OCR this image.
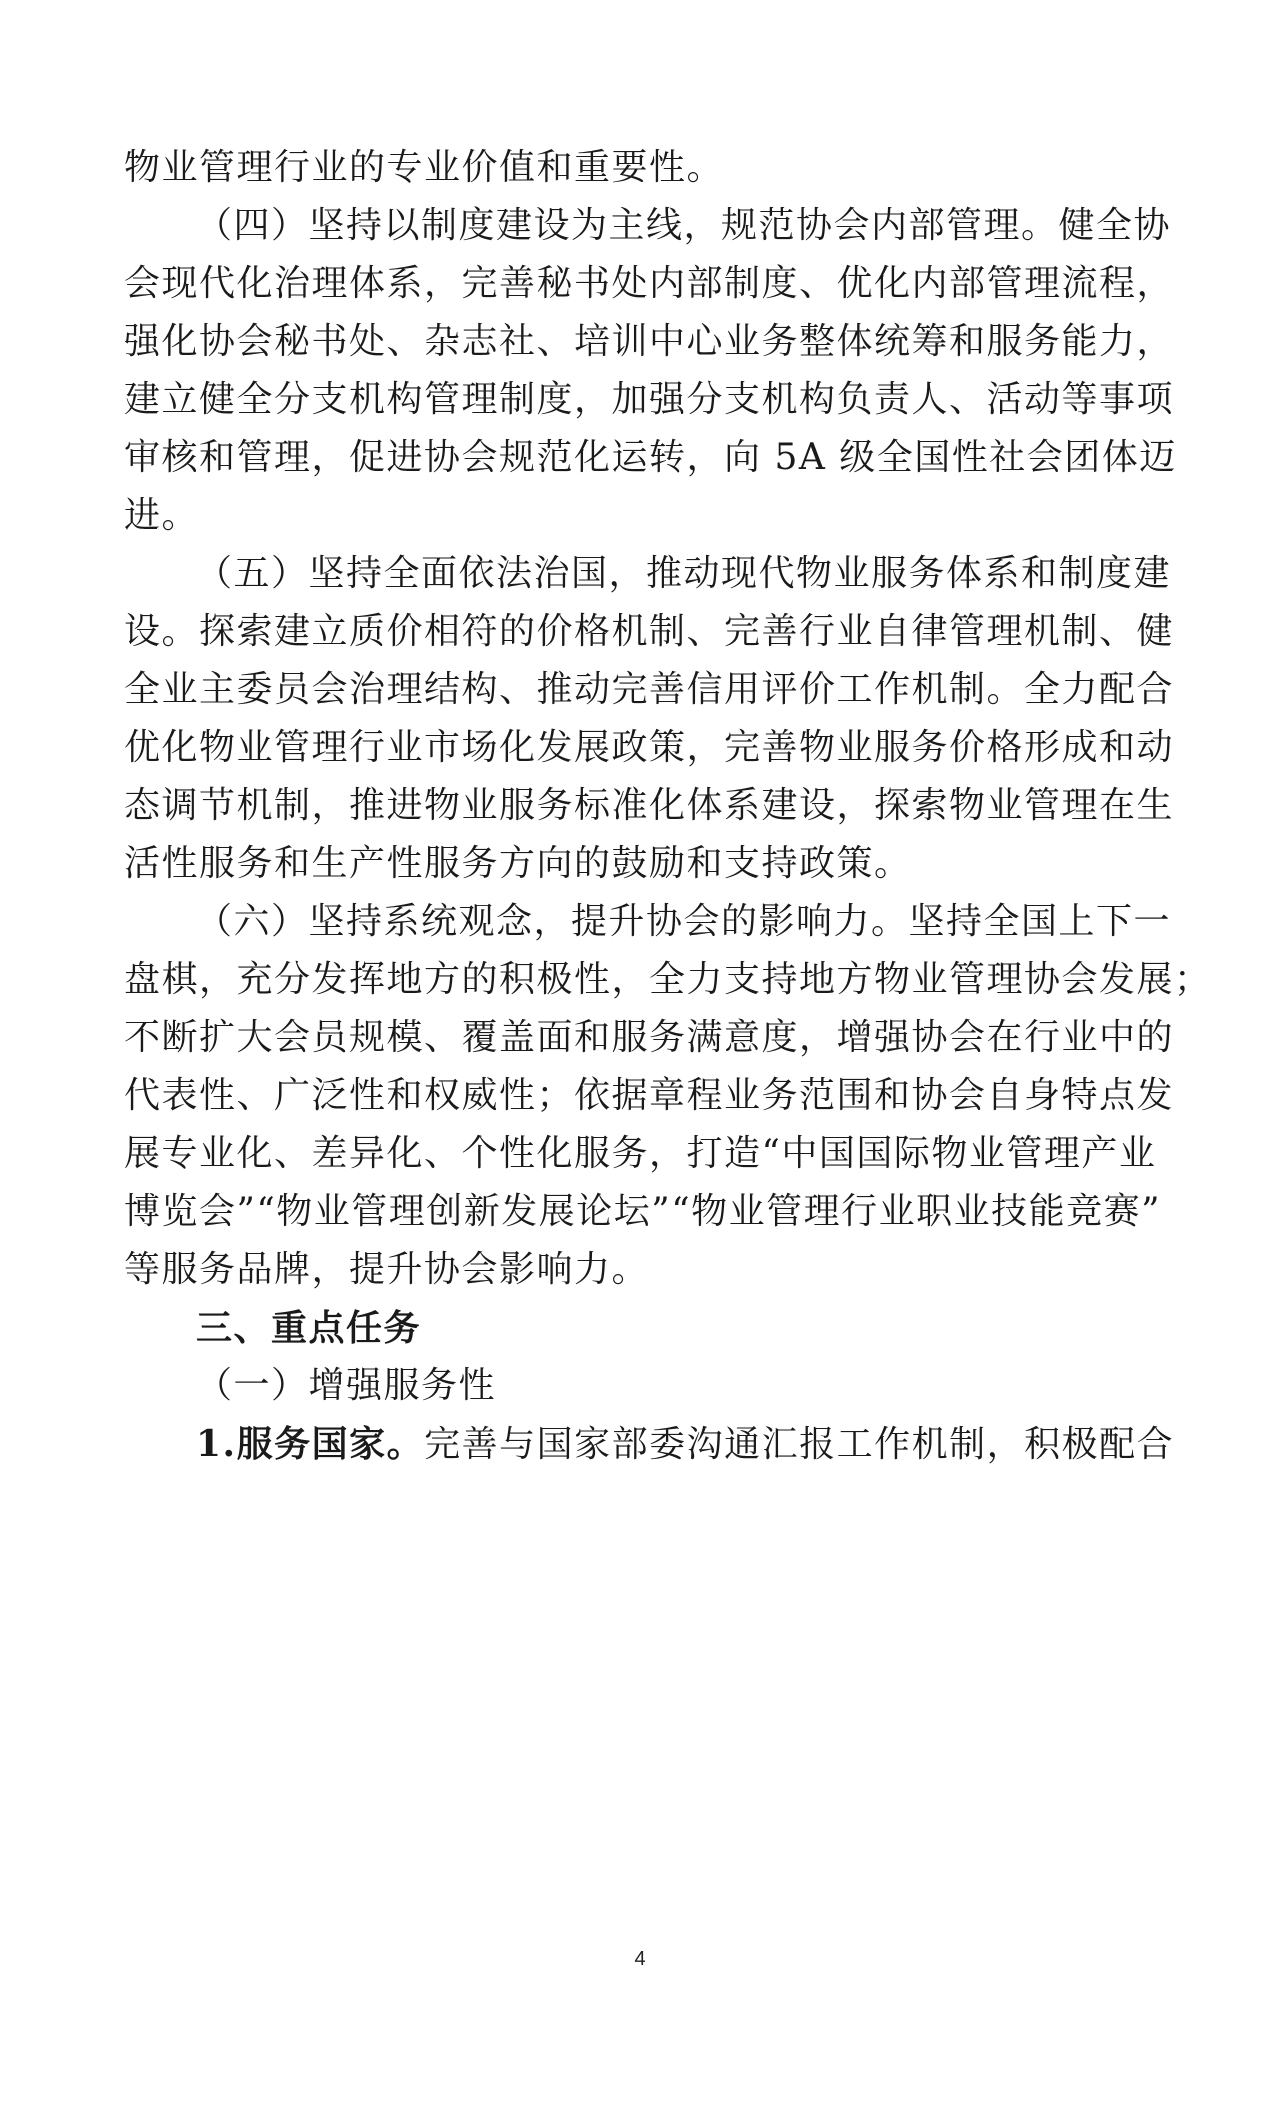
物业管理行业的专业价值和重要性。
（四）坚持以制度建设为主线，规范协会内部管理。健全协
会现代化治理体系，完善秘书处内部制度、优化内部管理流程，
强化协会秘书处、杂志社、培训中心业务整体统筹和服务能力，
建立健全分支机构管理制度，加强分支机构负责人、活动等事项
审核和管理，促进协会规范化运转，向 5A 级全国性社会团体迈
进。
（五）坚持全面依法治国，推动现代物业服务体系和制度建
设。探索建立质价相符的价格机制、完善行业自律管理机制、健
全业主委员会治理结构、推动完善信用评价工作机制。全力配合
优化物业管理行业市场化发展政策，完善物业服务价格形成和动
态调节机制，推进物业服务标准化体系建设，探索物业管理在生
活性服务和生产性服务方向的鼓励和支持政策。
（六）坚持系统观念，提升协会的影响力。坚持全国上下一
盘棋，充分发挥地方的积极性，全力支持地方物业管理协会发展；
不断扩大会员规模、覆盖面和服务满意度，增强协会在行业中的
代表性、广泛性和权威性；依据章程业务范围和协会自身特点发
展专业化、差异化、个性化服务，打造“中国国际物业管理产业
博览会”“物业管理创新发展论坛”“物业管理行业职业技能竞赛”
等服务品牌，提升协会影响力。
三、重点任务
（一）增强服务性
1.服务国家。完善与国家部委沟通汇报工作机制，积极配合
4
